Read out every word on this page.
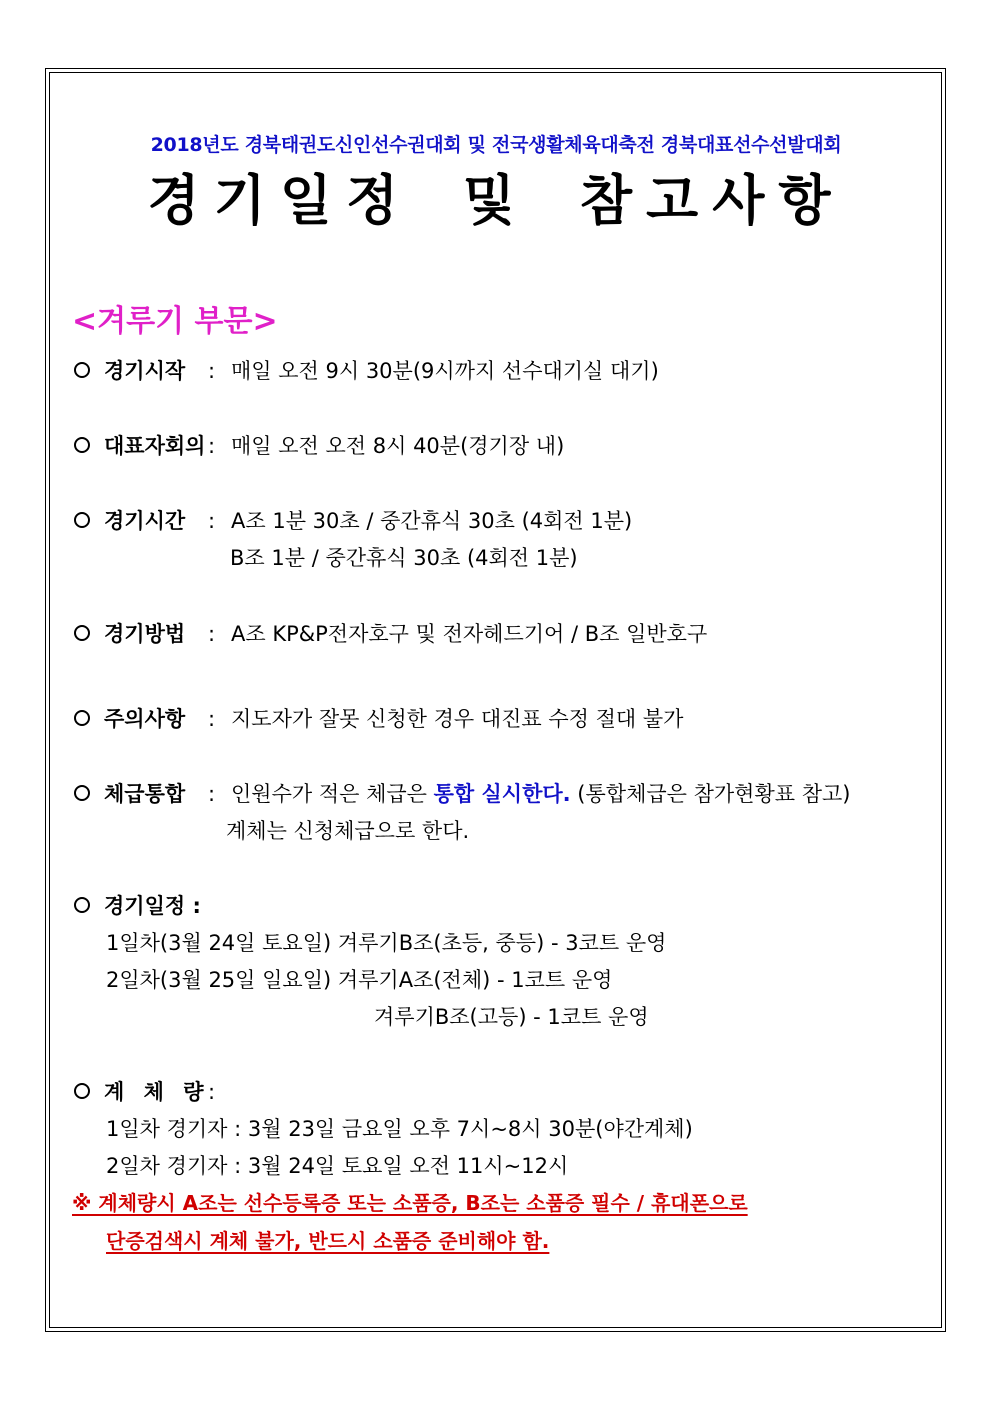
2018년도 경북태권도신인선수권대회 및 전국생활체육대축전 경북대표선수선발대회
경기일정 및 참고사항
<겨루기 부문>
경기시작 : 매일 오전 9시 30분(9시까지 선수대기실 대기)
대표자회의 : 매일 오전 오전 8시 40분(경기장 내)
경기시간 : A조 1분 30초 / 중간휴식 30초 (4회전 1분)
B조 1분 / 중간휴식 30초 (4회전 1분)
경기방법 : A조 KP&P전자호구 및 전자헤드기어 / B조 일반호구
주의사항 : 지도자가 잘못 신청한 경우 대진표 수정 절대 불가
체급통합 : 인원수가 적은 체급은 통합 실시한다. (통합체급은 참가현황표 참고)
계체는 신청체급으로 한다.
경기일정 :
1일차(3월 24일 토요일) 겨루기B조(초등, 중등) - 3코트 운영
2일차(3월 25일 일요일) 겨루기A조(전체) - 1코트 운영
겨루기B조(고등) - 1코트 운영
계 체 량:
1일차 경기자 : 3월 23일 금요일 오후 7시~8시 30분(야간계체)
2일차 경기자 : 3월 24일 토요일 오전 11시~12시
※ 계체량시 A조는 선수등록증 또는 소품증, B조는 소품증 필수 / 휴대폰으로
단증검색시 계체 불가, 반드시 소품증 준비해야 함.
